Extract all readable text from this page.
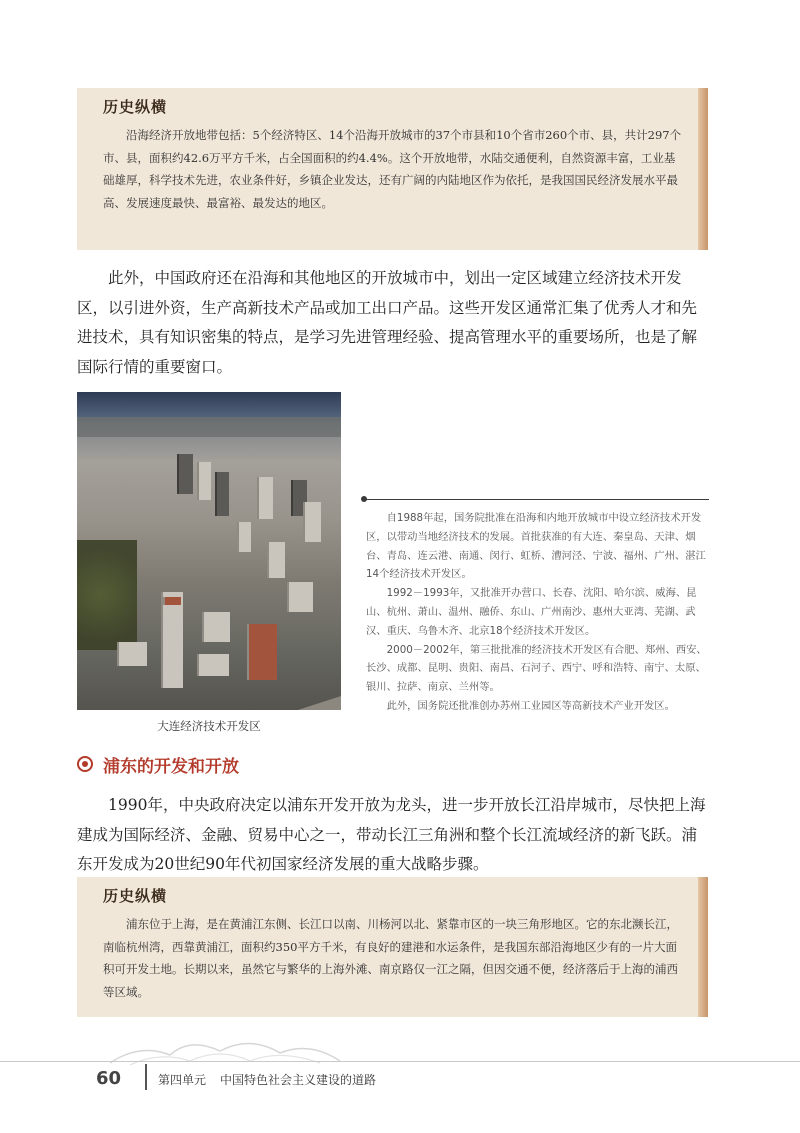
历史纵横

沿海经济开放地带包括：5个经济特区、14个沿海开放城市的37个市县和10个省市260个市、县，共计297个市、县，面积约42.6万平方千米，占全国面积的约4.4%。这个开放地带，水陆交通便利，自然资源丰富，工业基础雄厚，科学技术先进，农业条件好，乡镇企业发达，还有广阔的内陆地区作为依托，是我国国民经济发展水平最高、发展速度最快、最富裕、最发达的地区。

此外，中国政府还在沿海和其他地区的开放城市中，划出一定区域建立经济技术开发区，以引进外资，生产高新技术产品或加工出口产品。这些开发区通常汇集了优秀人才和先进技术，具有知识密集的特点，是学习先进管理经验、提高管理水平的重要场所，也是了解国际行情的重要窗口。

大连经济技术开发区

自1988年起，国务院批准在沿海和内地开放城市中设立经济技术开发区，以带动当地经济技术的发展。首批获准的有大连、秦皇岛、天津、烟台、青岛、连云港、南通、闵行、虹桥、漕河泾、宁波、福州、广州、湛江14个经济技术开发区。

1992－1993年，又批准开办营口、长春、沈阳、哈尔滨、威海、昆山、杭州、萧山、温州、融侨、东山、广州南沙、惠州大亚湾、芜湖、武汉、重庆、乌鲁木齐、北京18个经济技术开发区。

2000－2002年，第三批批准的经济技术开发区有合肥、郑州、西安、长沙、成都、昆明、贵阳、南昌、石河子、西宁、呼和浩特、南宁、太原、银川、拉萨、南京、兰州等。

此外，国务院还批准创办苏州工业园区等高新技术产业开发区。

浦东的开发和开放

1990年，中央政府决定以浦东开发开放为龙头，进一步开放长江沿岸城市，尽快把上海建成为国际经济、金融、贸易中心之一，带动长江三角洲和整个长江流域经济的新飞跃。浦东开发成为20世纪90年代初国家经济发展的重大战略步骤。

历史纵横

浦东位于上海，是在黄浦江东侧、长江口以南、川杨河以北、紧靠市区的一块三角形地区。它的东北濒长江，南临杭州湾，西靠黄浦江，面积约350平方千米，有良好的建港和水运条件，是我国东部沿海地区少有的一片大面积可开发土地。长期以来，虽然它与繁华的上海外滩、南京路仅一江之隔，但因交通不便，经济落后于上海的浦西等区域。

60	第四单元 中国特色社会主义建设的道路
